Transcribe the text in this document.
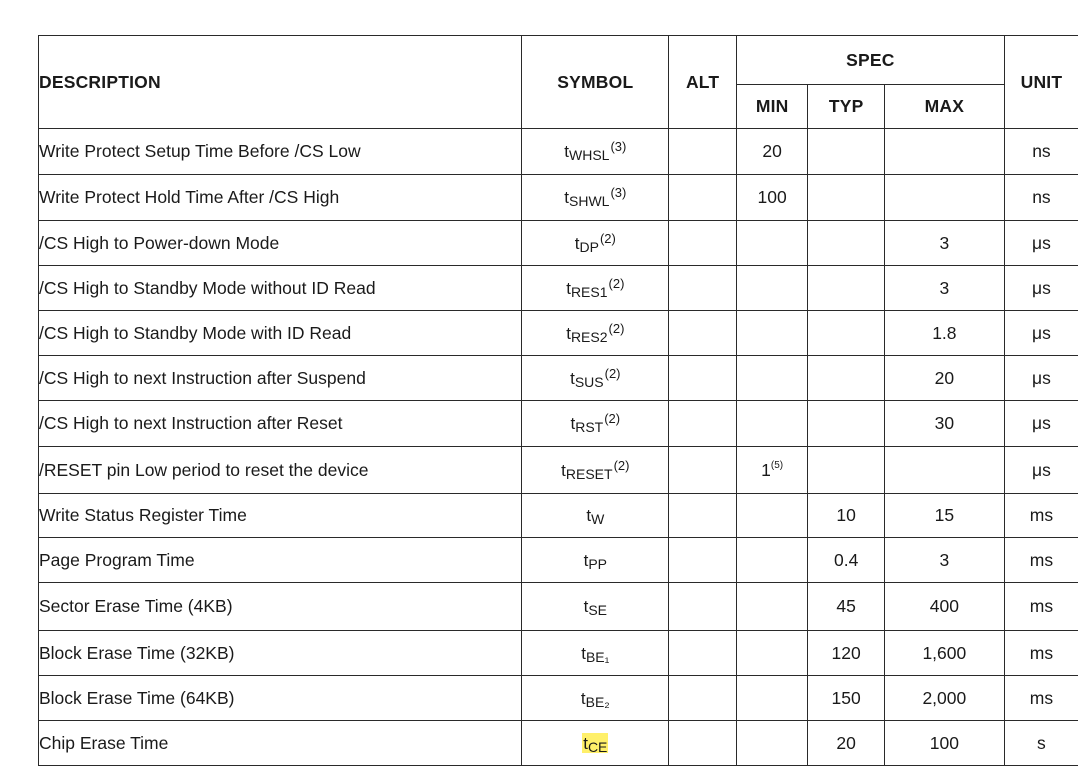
DESCRIPTION	SYMBOL	ALT	SPEC			UNIT
			MIN	TYP	MAX	
Write Protect Setup Time Before /CS Low	tWHSL$^{(3)}$		20			ns
Write Protect Hold Time After /CS High	tSHWL$^{(3)}$		100			ns
/CS High to Power-down Mode	tDP$^{(2)}$				3	μs
/CS High to Standby Mode without ID Read	tRES1$^{(2)}$				3	μs
/CS High to Standby Mode with ID Read	tRES2$^{(2)}$				1.8	μs
/CS High to next Instruction after Suspend	tSUS$^{(2)}$				20	μs
/CS High to next Instruction after Reset	tRST$^{(2)}$				30	μs
/RESET pin Low period to reset the device	tRESET$^{(2)}$		1$^{(5)}$			μs
Write Status Register Time	tW			10	15	ms
Page Program Time	tPP			0.4	3	ms
Sector Erase Time (4KB)	tSE			45	400	ms
Block Erase Time (32KB)	tBE₁			120	1,600	ms
Block Erase Time (64KB)	tBE₂			150	2,000	ms
Chip Erase Time	tCE			20	100	s
